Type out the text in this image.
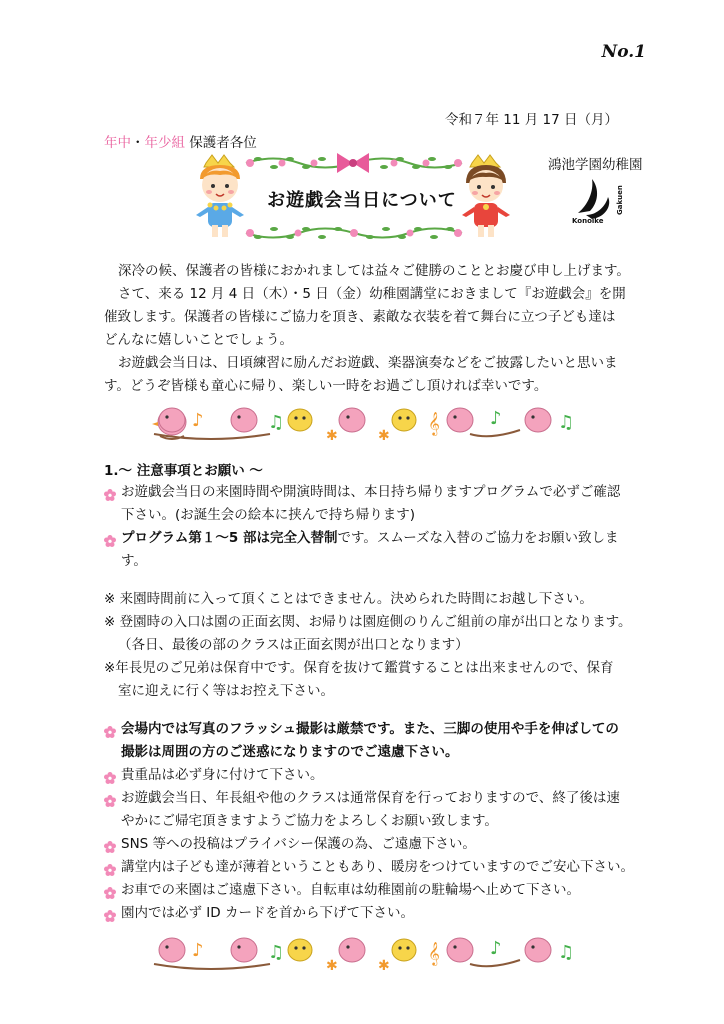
No.1
令和７年 11 月 17 日（月）
年中・年少組 保護者各位
鴻池学園幼稚園
Konoike
Gakuen
お遊戯会当日について
深冷の候、保護者の皆様におかれましては益々ご健勝のこととお慶び申し上げます。
さて、来る 12 月 4 日（木）・5 日（金）幼稚園講堂におきまして『お遊戯会』を開
催致します。保護者の皆様にご協力を頂き、素敵な衣装を着て舞台に立つ子ども達は
どんなに嬉しいことでしょう。
お遊戯会当日は、日頃練習に励んだお遊戯、楽器演奏などをご披露したいと思いま
す。どうぞ皆様も童心に帰り、楽しい一時をお過ごし頂ければ幸いです。
♪	♫
✱	✱
𝄞	♪	♫
1.～ 注意事項とお願い ～
お遊戯会当日の来園時間や開演時間は、本日持ち帰りますプログラムで必ずご確認
下さい。(お誕生会の絵本に挟んで持ち帰ります)
プログラム第１～5 部は完全入替制です。スムーズな入替のご協力をお願い致しま
す。
※ 来園時間前に入って頂くことはできません。決められた時間にお越し下さい。
※ 登園時の入口は園の正面玄関、お帰りは園庭側のりんご組前の扉が出口となります。
（各日、最後の部のクラスは正面玄関が出口となります）
※年長児のご兄弟は保育中です。保育を抜けて鑑賞することは出来ませんので、保育
室に迎えに行く等はお控え下さい。
会場内では写真のフラッシュ撮影は厳禁です。また、三脚の使用や手を伸ばしての
撮影は周囲の方のご迷惑になりますのでご遠慮下さい。
貴重品は必ず身に付けて下さい。
お遊戯会当日、年長組や他のクラスは通常保育を行っておりますので、終了後は速
やかにご帰宅頂きますようご協力をよろしくお願い致します。
SNS 等への投稿はプライバシー保護の為、ご遠慮下さい。
講堂内は子ども達が薄着ということもあり、暖房をつけていますのでご安心下さい。
お車での来園はご遠慮下さい。自転車は幼稚園前の駐輪場へ止めて下さい。
園内では必ず ID カードを首から下げて下さい。
♪	♫
✱	✱
𝄞	♪	♫
